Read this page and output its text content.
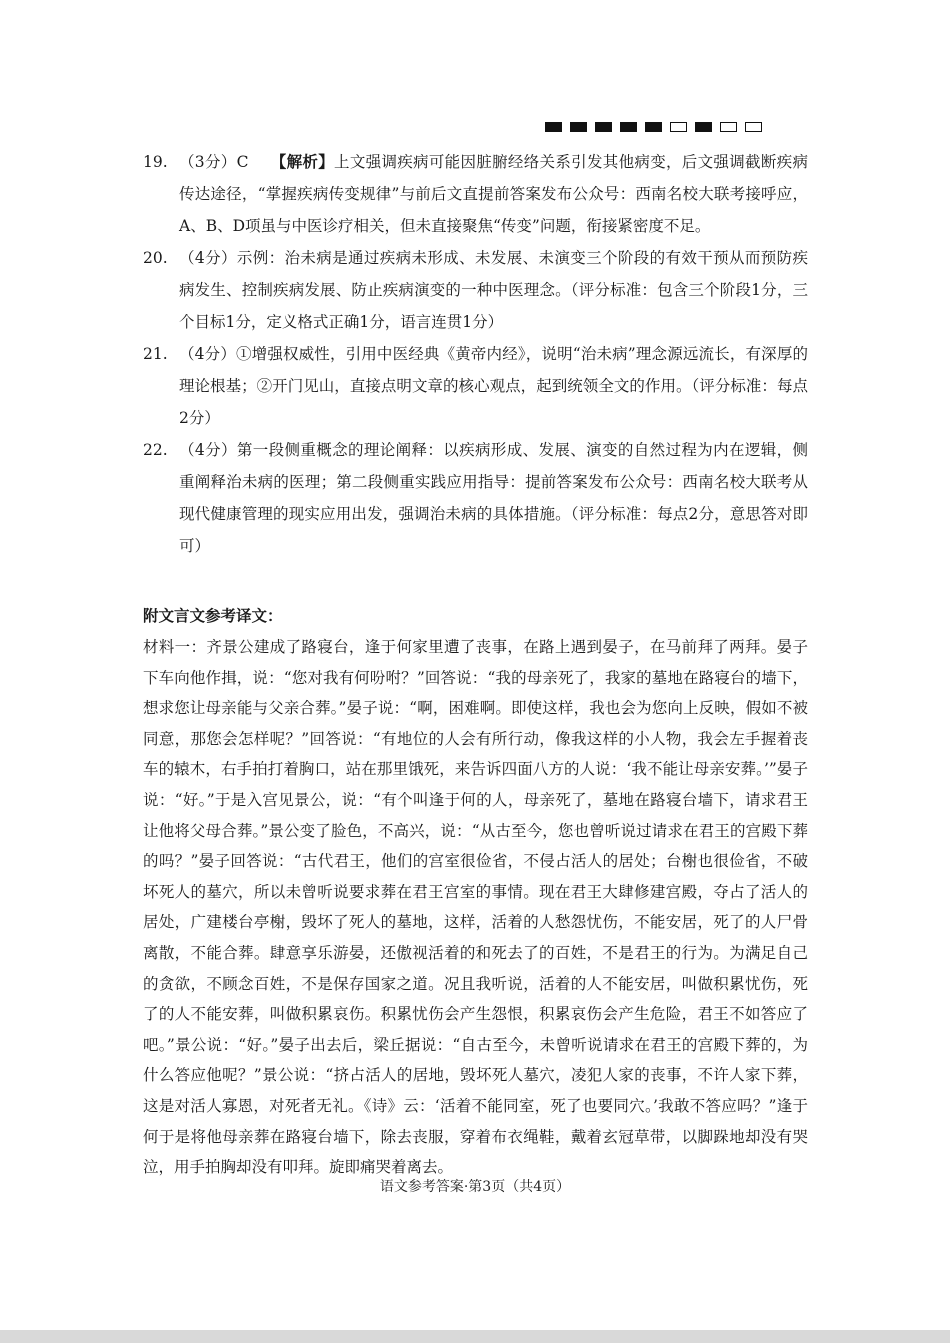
19. （3分）C 【解析】上文强调疾病可能因脏腑经络关系引发其他病变，后文强调截断疾病传达途径，“掌握疾病传变规律”与前后文直提前答案发布公众号：西南名校大联考接呼应，A、B、D项虽与中医诊疗相关，但未直接聚焦“传变”问题，衔接紧密度不足。
20. （4分）示例：治未病是通过疾病未形成、未发展、未演变三个阶段的有效干预从而预防疾病发生、控制疾病发展、防止疾病演变的一种中医理念。（评分标准：包含三个阶段1分，三个目标1分，定义格式正确1分，语言连贯1分）
21. （4分）①增强权威性，引用中医经典《黄帝内经》，说明“治未病”理念源远流长，有深厚的理论根基；②开门见山，直接点明文章的核心观点，起到统领全文的作用。（评分标准：每点2分）
22. （4分）第一段侧重概念的理论阐释：以疾病形成、发展、演变的自然过程为内在逻辑，侧重阐释治未病的医理；第二段侧重实践应用指导：提前答案发布公众号：西南名校大联考从现代健康管理的现实应用出发，强调治未病的具体措施。（评分标准：每点2分，意思答对即可）
附文言文参考译文：

材料一：齐景公建成了路寝台，逢于何家里遭了丧事，在路上遇到晏子，在马前拜了两拜。晏子下车向他作揖，说：“您对我有何吩咐？”回答说：“我的母亲死了，我家的墓地在路寝台的墙下，想求您让母亲能与父亲合葬。”晏子说：“啊，困难啊。即使这样，我也会为您向上反映，假如不被同意，那您会怎样呢？”回答说：“有地位的人会有所行动，像我这样的小人物，我会左手握着丧车的辕木，右手拍打着胸口，站在那里饿死，来告诉四面八方的人说：‘我不能让母亲安葬。’”晏子说：“好。”于是入宫见景公，说：“有个叫逢于何的人，母亲死了，墓地在路寝台墙下，请求君王让他将父母合葬。”景公变了脸色，不高兴，说：“从古至今，您也曾听说过请求在君王的宫殿下葬的吗？”晏子回答说：“古代君王，他们的宫室很俭省，不侵占活人的居处；台榭也很俭省，不破坏死人的墓穴，所以未曾听说要求葬在君王宫室的事情。现在君王大肆修建宫殿，夺占了活人的居处，广建楼台亭榭，毁坏了死人的墓地，这样，活着的人愁怨忧伤，不能安居，死了的人尸骨离散，不能合葬。肆意享乐游晏，还傲视活着的和死去了的百姓，不是君王的行为。为满足自己的贪欲，不顾念百姓，不是保存国家之道。况且我听说，活着的人不能安居，叫做积累忧伤，死了的人不能安葬，叫做积累哀伤。积累忧伤会产生怨恨，积累哀伤会产生危险，君王不如答应了吧。”景公说：“好。”晏子出去后，梁丘据说：“自古至今，未曾听说请求在君王的宫殿下葬的，为什么答应他呢？”景公说：“挤占活人的居地，毁坏死人墓穴，凌犯人家的丧事，不许人家下葬，这是对活人寡恩，对死者无礼。《诗》云：‘活着不能同室，死了也要同穴。’我敢不答应吗？”逢于何于是将他母亲葬在路寝台墙下，除去丧服，穿着布衣绳鞋，戴着玄冠草带，以脚跺地却没有哭泣，用手拍胸却没有叩拜。旋即痛哭着离去。

语文参考答案·第3页（共4页）
